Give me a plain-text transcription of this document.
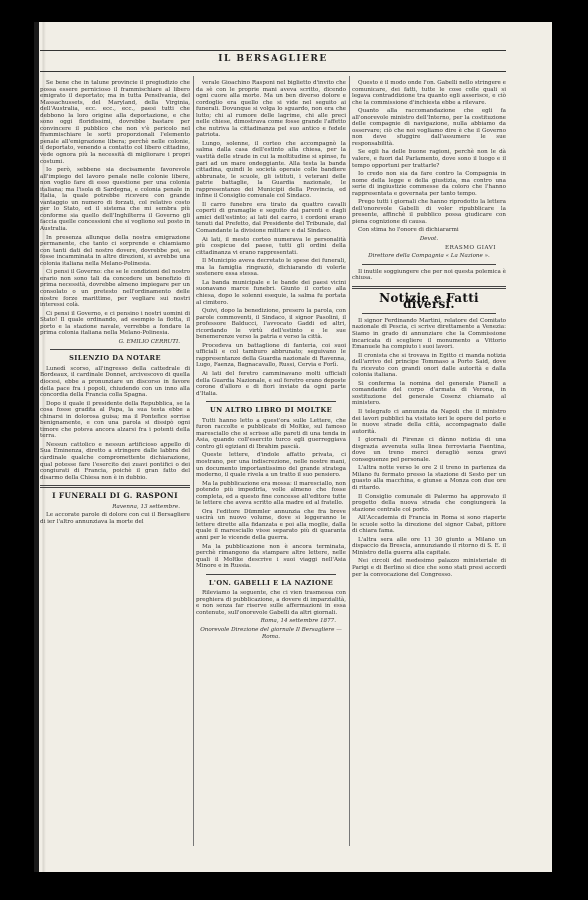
IL BERSAGLIERE

Se bene che in talune provincie il pregiudizio che possa essere pernicioso il frammischiare al libero emigrato il deportato; ma in tutta Pensilvania, del Massachussets, del Maryland, della Virginia, dell'Australia, ecc. ecc., ecc., paesi tutti che debbono la loro origine alla deportazione, e che sono oggi floridissimi, dovrebbe bastare per convincere il pubblico che non v'è pericolo nel frammischiare le sorti proporzionali l'elemento penale all'emigrazione libera; perchè nelle colonie, il deportato, venendo a contatto col libero cittadino, vede ognora più la necessità di migliorare i propri costumi.

Io però, sebbene sia decisamente favorevole all'impiego del lavoro penale nelle colonie libere, non voglio fare di esso questione per una colonia italiana; ma l'isola di Sardegna, e colonia penale in Italia, la quale potrebbe ricevere con grande vantaggio un numero di forzati, col relativo costo per lo Stato, ed il sistema che mi sembra più conforme sia quello dell'Inghilterra il Governo gli faccia quelle concessioni che si vogliono sul posto in Australia.

In presenza allunque della nostra emigrazione permanente, che tanto ci sorprende e chiamiamo con tanti dati del nostro dovere, dovrebbe poi, se fosse incamminata in altre direzioni, si avrebbe una colonia italiana nella Melano-Polinesia.

Ci pensi il Governo: che se le condizioni del nostro erario non sono tali da concedere un benefizio di prima necessità, dovrebbe almeno impiegare per un consolato o un pretesto nell'ordinamento delle nostre forze marittime, per vegliare sui nostri interessi colà.

Ci pensi il Governo, e ci pensino i nostri uomini di Stato! Il quale ordinando, ad esempio la flotta, il porto e la stazione navale, verrebbe a fondare la prima colonia italiana nella Melano-Polinesia.

G. EMILIO CERRUTI.

SILENZIO DA NOTARE

Lunedì scorso, all'ingresso della cattedrale di Bordeaux, il cardinale Donnet, arcivescovo di quella diocesi, ebbe a pronunziare un discorso in favore della pace fra i popoli, chiudendo con un inno alla concordia della Francia colla Spagna.

Dopo il quale il presidente della Repubblica, se la cosa fosse gradita al Papa, la sua testa ebbe a chinarsi in dolorosa guisa; ma il Pontefice sorrise benignamente, e con una parola si dissipò ogni timore che poteva ancora alzarsi fra i potenti della terra.

Nessun cattolico e nessun artificioso appello di Sua Eminenza, diretto a stringere dalle labbra del cardinale qualche compromettente dichiarazione, qual potesse fare l'esercito dei zuavi pontifici o dei congiurati di Francia, poichè il gran fatto del disarmo della Chiesa non è in dubbio.

I FUNERALI DI G. RASPONI

Ravenna, 13 settembre.

Le accorate parole di dolore con cui il Bersagliere di ier l'altro annunziava la morte del

verale Gioachino Rasponi nel biglietto d'invito che da sè con le proprie mani aveva scritto, dicendo ogni cuore alla morte. Ma un ben diverso dolore e cordoglio era quello che si vide nel seguito ai funerali. Dovunque si volga lo sguardo, non era che lutto; chi al rumore delle lagrime, chi alle preci nelle chiese, dimostrava come fosse grande l'affetto che nutriva la cittadinanza pel suo antico e fedele patriota.

Lungo, solenne, il corteo che accompagnò la salma dalla casa dell'estinto alla chiesa, per la vastità delle strade in cui la moltitudine si spinse, fu pari ad un mare ondeggiante. Alla testa la banda cittadina, quindi le società operaie colle bandiere abbrunate, le scuole, gli istituti, i veterani delle patrie battaglie, la Guardia nazionale, le rappresentanze dei Municipii della Provincia, ed infine il Consiglio comunale col Sindaco.

Il carro funebre era tirato da quattro cavalli coperti di gramaglie e seguito dai parenti e dagli amici dell'estinto; ai lati del carro, i cordoni erano tenuti dal Prefetto, dal Presidente del Tribunale, dal Comandante la divisione militare e dal Sindaco.

Ai lati, il mesto corteo numerava le personalità più cospicue del paese, tutti gli ordini della cittadinanza vi erano rappresentati.

Il Municipio aveva decretato le spese dei funerali, ma la famiglia ringraziò, dichiarando di volerle sostenere essa stessa.

La banda municipale e le bande dei paesi vicini suonavano marce funebri. Giunto il corteo alla chiesa, dopo le solenni esequie, la salma fu portata al cimitero.

Quivi, dopo la benedizione, presero la parola, con parole commoventi, il Sindaco, il signor Pasolini, il professore Balducci, l'avvocato Gaddi ed altri, ricordando le virtù dell'estinto e le sue benemerenze verso la patria e verso la città.

Procedeva un battaglione di fanteria, coi suoi ufficiali e col tamburo abbrunato; seguivano le rappresentanze della Guardia nazionale di Ravenna, Lugo, Faenza, Bagnacavallo, Russi, Cervia e Forlì.

Ai lati del feretro camminavano molti ufficiali della Guardia Nazionale, e sul feretro erano deposte corone d'alloro e di fiori inviate da ogni parte d'Italia.

UN ALTRO LIBRO DI MOLTKE

Tutti hanno letto a quest'ora sulle Lettere, che furon raccolte e pubblicate di Moltke, sul famoso maresciallo che si scrisse alle pareti di una tenda in Asia, quando coll'esercito turco egli guerreggiava contro gli egiziani di Ibrahim pascià.

Queste lettere, d'indole affatto privata, ci mostrano, per una indiscrezione, nelle nostre mani, un documento importantissimo del grande stratega moderno, il quale rivela a un tratto il suo pensiero.

Ma la pubblicazione era mossa: il maresciallo, non potendo più impedirla, volle almeno che fosse completa, ed a questo fine concesse all'editore tutte le lettere che aveva scritto alla madre ed al fratello.

Ora l'editore Dümmler annunzia che fra breve uscirà un nuovo volume, dove si leggeranno le lettere dirette alla fidanzata e poi alla moglie, dalla quale il maresciallo visse separato più di quaranta anni per le vicende della guerra.

Ma la pubblicazione non è ancora terminata, perchè rimangono da stampare altre lettere, nelle quali il Moltke descrive i suoi viaggi nell'Asia Minore e in Russia.

L'ON. GABELLI E LA NAZIONE

Rileviamo la seguente, che ci vien trasmessa con preghiera di pubblicazione, a dovere di imparzialità, e non senza far riserve sulle affermazioni in essa contenute, sull'onorevole Gabelli da altri giornali.

Roma, 14 settembre 1877.

Onorevole Direzione del giornale Il Bersagliere — Roma.

Questo è il modo onde l'on. Gabelli nello stringere e comunicare, dei fatti, tutte le cose colle quali si legava contraddizione tra quanto egli asserisce, e ciò che la commissione d'inchiesta ebbe a rilevare.

Quanto alla raccomandazione che egli fa all'onorevole ministro dell'Interno, per la costituzione delle compagnie di navigazione, nulla abbiamo da osservare; ciò che noi vogliamo dire è che il Governo non deve sfuggire dall'assumere le sue responsabilità.

Se egli ha delle buone ragioni, perchè non le dà valere, e fuori dal Parlamento, dove sono il luogo e il tempo opportuni per trattarle?

Io credo non sia da fare contro la Compagnia in nome della legge e della giustizia, ma contro una serie di ingiustizie commesse da coloro che l'hanno rappresentata e governata per tanto tempo.

Prego tutti i giornali che hanno riprodotto la lettera dell'onorevole Gabelli di voler ripubblicare la presente, affinchè il pubblico possa giudicare con piena cognizione di causa.

Con stima ho l'onore di dichiararmi

Devot.

ERASMO GIAVI

Direttore della Compagnia « La Nazione ».

Il inutile soggiungere che per noi questa polemica è chiusa.

Notizie e Fatti diversi.

Il signor Ferdinando Martini, relatore del Comitato nazionale di Pescia, ci scrive direttamente a Venezia: Siamo in grado di annunziare che la Commissione incaricata di scegliere il monumento a Vittorio Emanuele ha compiuto i suoi lavori.

Il cronista che si trovava in Egitto ci manda notizia dell'arrivo del principe Tommaso a Porto Said, dove fu ricevuto con grandi onori dalle autorità e dalla colonia italiana.

Si conferma la nomina del generale Pianell a comandante del corpo d'armata di Verona, in sostituzione del generale Cosenz chiamato al ministero.

Il telegrafo ci annunzia da Napoli che il ministro dei lavori pubblici ha visitato ieri le opere del porto e le nuove strade della città, accompagnato dalle autorità.

I giornali di Firenze ci dànno notizia di una disgrazia avvenuta sulla linea ferroviaria Faentina, dove un treno merci deragliò senza gravi conseguenze pel personale.

L'altra notte verso le ore 2 il treno in partenza da Milano fu fermato presso la stazione di Sesto per un guasto alla macchina, e giunse a Monza con due ore di ritardo.

Il Consiglio comunale di Palermo ha approvato il progetto della nuova strada che congiungerà la stazione centrale col porto.

All'Accademia di Francia in Roma si sono riaperte le scuole sotto la direzione del signor Cabat, pittore di chiara fama.

L'altra sera alle ore 11 30 giunto a Milano un dispaccio da Brescia, annunziando il ritorno di S. E. il Ministro della guerra alla capitale.

Nei circoli del medesimo palazzo ministeriale di Parigi e di Berlino si dice che sono stati presi accordi per la convocazione del Congresso.
